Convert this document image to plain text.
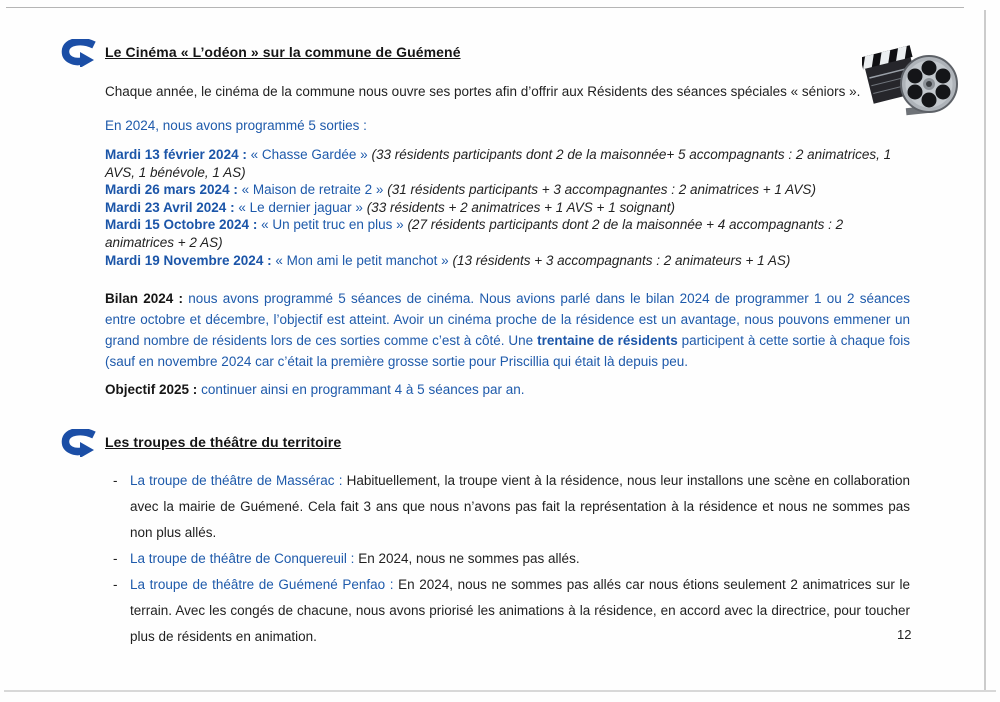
Le Cinéma « L’odéon » sur la commune de Guémené

Chaque année, le cinéma de la commune nous ouvre ses portes afin d’offrir aux Résidents des séances spéciales « séniors ».

En 2024, nous avons programmé 5 sorties :

Mardi 13 février 2024 : « Chasse Gardée » (33 résidents participants dont 2 de la maisonnée+ 5 accompagnants : 2 animatrices, 1 AVS, 1 bénévole, 1 AS)

Mardi 26 mars 2024 : « Maison de retraite 2 » (31 résidents participants + 3 accompagnantes : 2 animatrices + 1 AVS)

Mardi 23 Avril 2024 : « Le dernier jaguar » (33 résidents + 2 animatrices + 1 AVS + 1 soignant)

Mardi 15 Octobre 2024 : « Un petit truc en plus » (27 résidents participants dont 2 de la maisonnée + 4 accompagnants : 2 animatrices + 2 AS)

Mardi 19 Novembre 2024 : « Mon ami le petit manchot » (13 résidents + 3 accompagnants : 2 animateurs + 1 AS)

Bilan 2024 : nous avons programmé 5 séances de cinéma. Nous avions parlé dans le bilan 2024 de programmer 1 ou 2 séances entre octobre et décembre, l’objectif est atteint. Avoir un cinéma proche de la résidence est un avantage, nous pouvons emmener un grand nombre de résidents lors de ces sorties comme c’est à côté. Une trentaine de résidents participent à cette sortie à chaque fois (sauf en novembre 2024 car c’était la première grosse sortie pour Priscillia qui était là depuis peu.

Objectif 2025 : continuer ainsi en programmant 4 à 5 séances par an.

Les troupes de théâtre du territoire
- La troupe de théâtre de Massérac : Habituellement, la troupe vient à la résidence, nous leur installons une scène en collaboration avec la mairie de Guémené. Cela fait 3 ans que nous n’avons pas fait la représentation à la résidence et nous ne sommes pas non plus allés.
- La troupe de théâtre de Conquereuil : En 2024, nous ne sommes pas allés.
- La troupe de théâtre de Guémené Penfao : En 2024, nous ne sommes pas allés car nous étions seulement 2 animatrices sur le terrain. Avec les congés de chacune, nous avons priorisé les animations à la résidence, en accord avec la directrice, pour toucher plus de résidents en animation.	12
